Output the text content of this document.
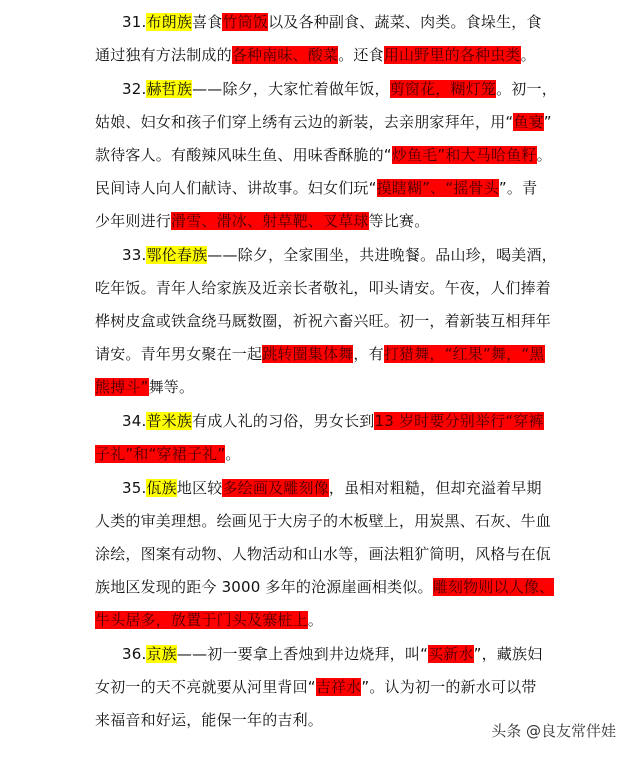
31.布朗族喜食竹筒饭以及各种副食、蔬菜、肉类。食垛生，食
通过独有方法制成的各种南味、酸菜。还食用山野里的各种虫类。
32.赫哲族——除夕，大家忙着做年饭，剪窗花，糊灯笼。初一，
姑娘、妇女和孩子们穿上绣有云边的新装，去亲朋家拜年，用“鱼宴”
款待客人。有酸辣风味生鱼、用味香酥脆的“炒鱼毛”和大马哈鱼籽。
民间诗人向人们献诗、讲故事。妇女们玩“摸瞎糊”、“摇骨头”。青
少年则进行滑雪、滑冰、射草靶、叉草球等比赛。
33.鄂伦春族——除夕，全家围坐，共进晚餐。品山珍，喝美酒，
吃年饭。青年人给家族及近亲长者敬礼，叩头请安。午夜，人们捧着
桦树皮盒或铁盒绕马厩数圈，祈祝六畜兴旺。初一，着新装互相拜年
请安。青年男女聚在一起跳转圈集体舞，有打猎舞，“红果”舞，“黑
熊搏斗”舞等。
34.普米族有成人礼的习俗，男女长到13 岁时要分别举行“穿裤
子礼”和“穿裙子礼”。
35.佤族地区较多绘画及雕刻像，虽相对粗糙，但却充溢着早期
人类的审美理想。绘画见于大房子的木板壁上，用炭黑、石灰、牛血
涂绘，图案有动物、人物活动和山水等，画法粗犷简明，风格与在佤
族地区发现的距今 3000 多年的沧源崖画相类似。雕刻物则以人像、
牛头居多，放置于门头及寨桩上。
36.京族——初一要拿上香烛到井边烧拜，叫“买新水”，藏族妇
女初一的天不亮就要从河里背回“吉祥水”。认为初一的新水可以带
来福音和好运，能保一年的吉利。
头条 @良友常伴娃
